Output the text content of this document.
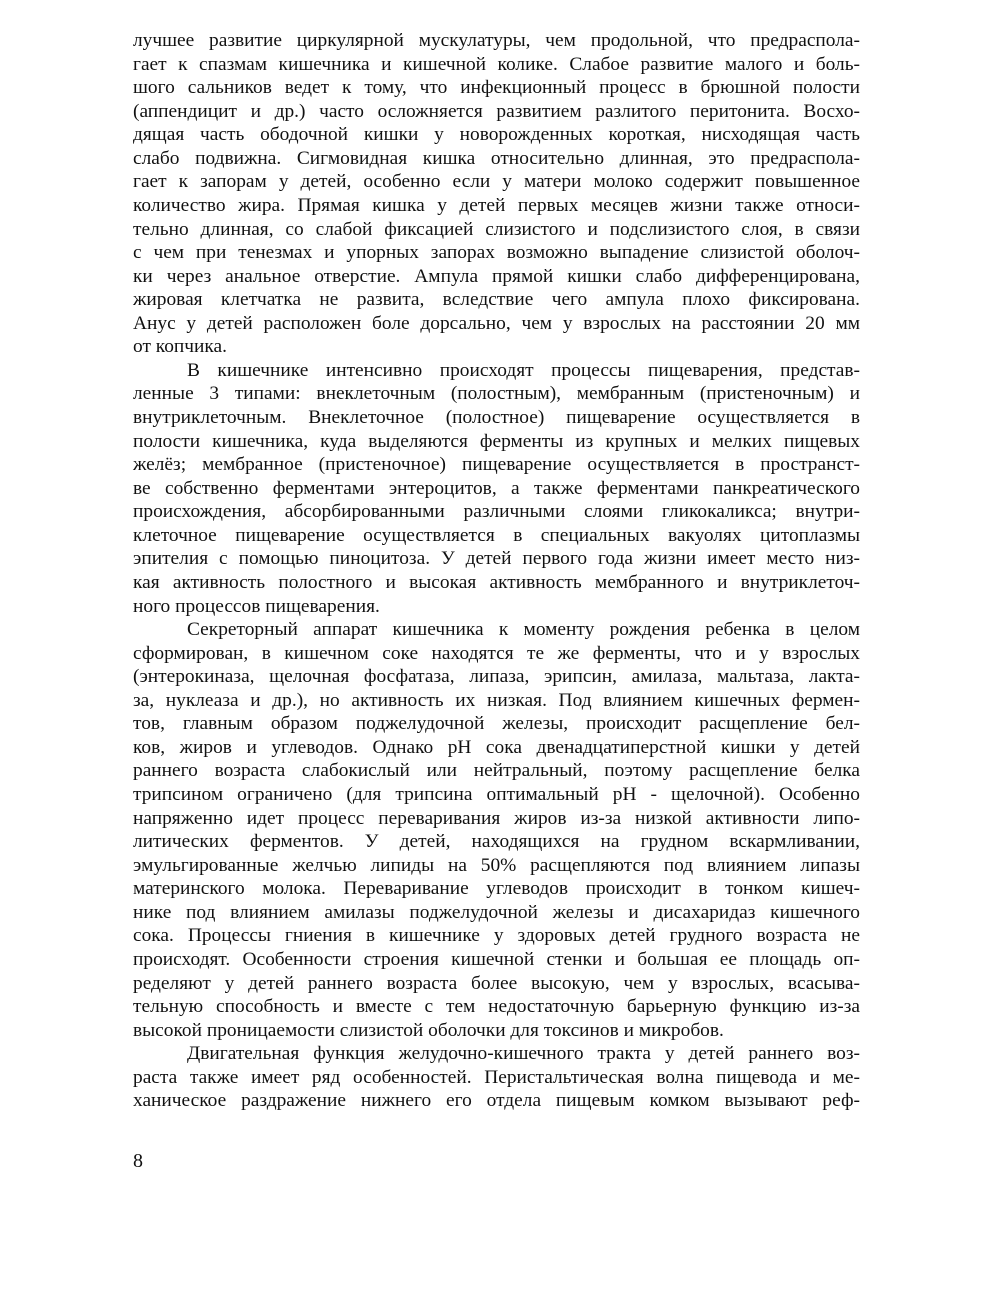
лучшее развитие циркулярной мускулатуры, чем продольной, что предраспола-
гает к спазмам кишечника и кишечной колике. Слабое развитие малого и боль-
шого сальников ведет к тому, что инфекционный процесс в брюшной полости
(аппендицит и др.) часто осложняется развитием разлитого перитонита. Восхо-
дящая часть ободочной кишки у новорожденных короткая, нисходящая часть
слабо подвижна. Сигмовидная кишка относительно длинная, это предраспола-
гает к запорам у детей, особенно если у матери молоко содержит повышенное
количество жира. Прямая кишка у детей первых месяцев жизни также относи-
тельно длинная, со слабой фиксацией слизистого и подслизистого слоя, в связи
с чем при тенезмах и упорных запорах возможно выпадение слизистой оболоч-
ки через анальное отверстие. Ампула прямой кишки слабо дифференцирована,
жировая клетчатка не развита, вследствие чего ампула плохо фиксирована.
Анус у детей расположен боле дорсально, чем у взрослых на расстоянии 20 мм
от копчика.
В кишечнике интенсивно происходят процессы пищеварения, представ-
ленные 3 типами: внеклеточным (полостным), мембранным (пристеночным) и
внутриклеточным. Внеклеточное (полостное) пищеварение осуществляется в
полости кишечника, куда выделяются ферменты из крупных и мелких пищевых
желёз; мембранное (пристеночное) пищеварение осуществляется в пространст-
ве собственно ферментами энтероцитов, а также ферментами панкреатического
происхождения, абсорбированными различными слоями гликокаликса; внутри-
клеточное пищеварение осуществляется в специальных вакуолях цитоплазмы
эпителия с помощью пиноцитоза. У детей первого года жизни имеет место низ-
кая активность полостного и высокая активность мембранного и внутриклеточ-
ного процессов пищеварения.
Секреторный аппарат кишечника к моменту рождения ребенка в целом
сформирован, в кишечном соке находятся те же ферменты, что и у взрослых
(энтерокиназа, щелочная фосфатаза, липаза, эрипсин, амилаза, мальтаза, лакта-
за, нуклеаза и др.), но активность их низкая. Под влиянием кишечных фермен-
тов, главным образом поджелудочной железы, происходит расщепление бел-
ков, жиров и углеводов. Однако рН сока двенадцатиперстной кишки у детей
раннего возраста слабокислый или нейтральный, поэтому расщепление белка
трипсином ограничено (для трипсина оптимальный рН - щелочной). Особенно
напряженно идет процесс переваривания жиров из-за низкой активности липо-
литических ферментов. У детей, находящихся на грудном вскармливании,
эмульгированные желчью липиды на 50% расщепляются под влиянием липазы
материнского молока. Переваривание углеводов происходит в тонком кишеч-
нике под влиянием амилазы поджелудочной железы и дисахаридаз кишечного
сока. Процессы гниения в кишечнике у здоровых детей грудного возраста не
происходят. Особенности строения кишечной стенки и большая ее площадь оп-
ределяют у детей раннего возраста более высокую, чем у взрослых, всасыва-
тельную способность и вместе с тем недостаточную барьерную функцию из-за
высокой проницаемости слизистой оболочки для токсинов и микробов.
Двигательная функция желудочно-кишечного тракта у детей раннего воз-
раста также имеет ряд особенностей. Перистальтическая волна пищевода и ме-
ханическое раздражение нижнего его отдела пищевым комком вызывают реф-
8
